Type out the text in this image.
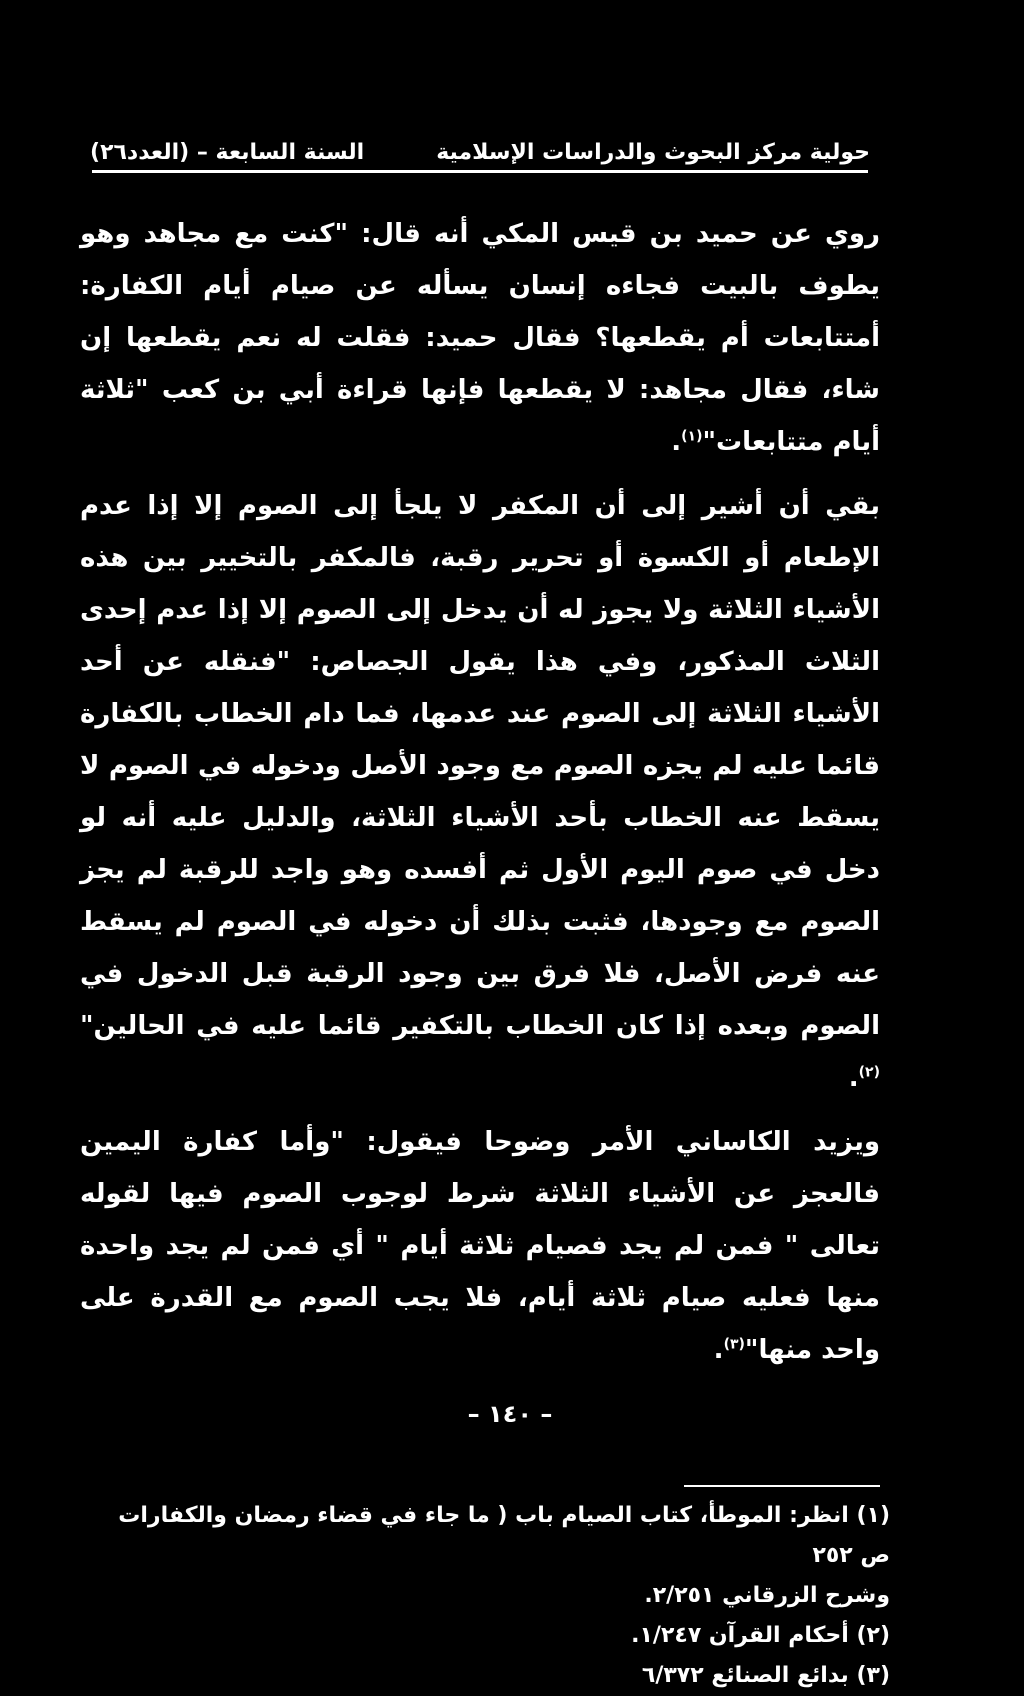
حولية مركز البحوث والدراسات الإسلامية
السنة السابعة – (العدد٢٦)

روي عن حميد بن قيس المكي أنه قال: "كنت مع مجاهد وهو يطوف بالبيت فجاءه إنسان يسأله عن صيام أيام الكفارة: أمتتابعات أم يقطعها؟ فقال حميد: فقلت له نعم يقطعها إن شاء، فقال مجاهد: لا يقطعها فإنها قراءة أبي بن كعب "ثلاثة أيام متتابعات"$^{(١)}$.

بقي أن أشير إلى أن المكفر لا يلجأ إلى الصوم إلا إذا عدم الإطعام أو الكسوة أو تحرير رقبة، فالمكفر بالتخيير بين هذه الأشياء الثلاثة ولا يجوز له أن يدخل إلى الصوم إلا إذا عدم إحدى الثلاث المذكور، وفي هذا يقول الجصاص: "فنقله عن أحد الأشياء الثلاثة إلى الصوم عند عدمها، فما دام الخطاب بالكفارة قائما عليه لم يجزه الصوم مع وجود الأصل ودخوله في الصوم لا يسقط عنه الخطاب بأحد الأشياء الثلاثة، والدليل عليه أنه لو دخل في صوم اليوم الأول ثم أفسده وهو واجد للرقبة لم يجز الصوم مع وجودها، فثبت بذلك أن دخوله في الصوم لم يسقط عنه فرض الأصل، فلا فرق بين وجود الرقبة قبل الدخول في الصوم وبعده إذا كان الخطاب بالتكفير قائما عليه في الحالين"$^{(٢)}$.

ويزيد الكاساني الأمر وضوحا فيقول: "وأما كفارة اليمين فالعجز عن الأشياء الثلاثة شرط لوجوب الصوم فيها لقوله تعالى " فمن لم يجد فصيام ثلاثة أيام " أي فمن لم يجد واحدة منها فعليه صيام ثلاثة أيام، فلا يجب الصوم مع القدرة على واحد منها"$^{(٣)}$.

– ١٤٠ –

(١) انظر: الموطأ، كتاب الصيام باب ( ما جاء في قضاء رمضان والكفارات ص ٢٥٢

وشرح الزرقاني ٢/٢٥١.

(٢) أحكام القرآن ١/٢٤٧.

(٣) بدائع الصنائع ٦/٣٧٢
